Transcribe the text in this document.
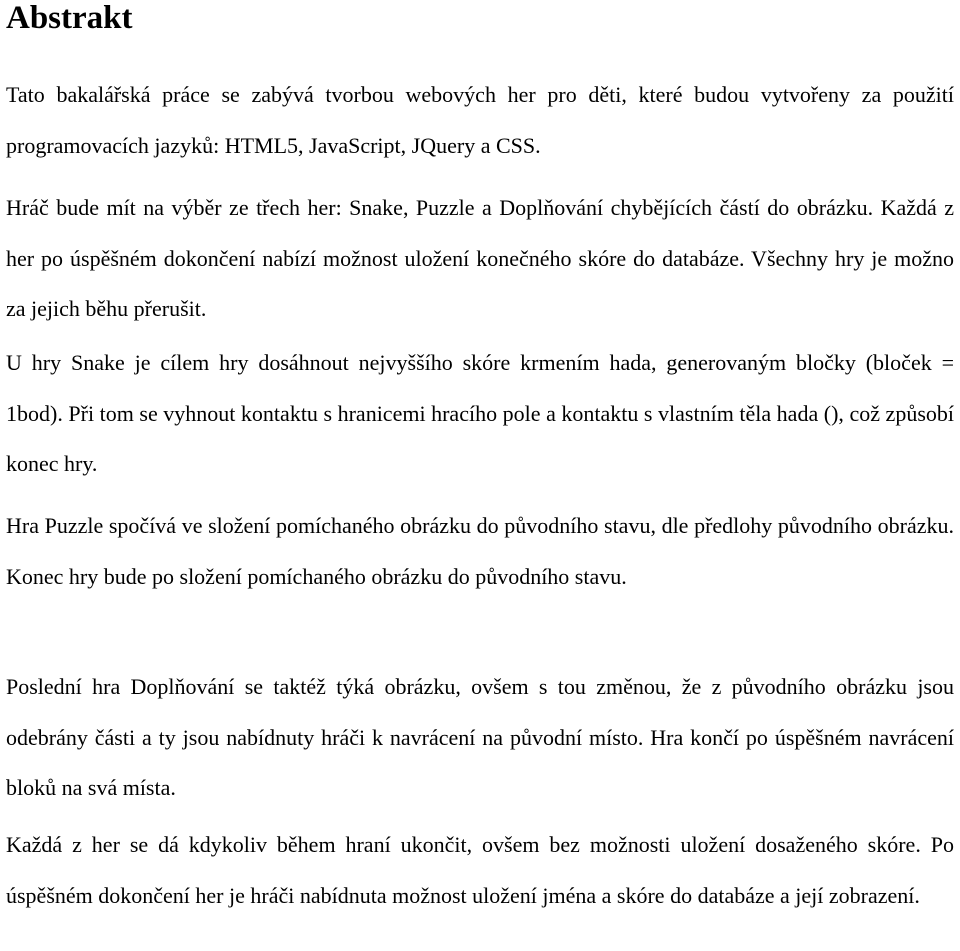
Abstrakt

Tato bakalářská práce se zabývá tvorbou webových her pro děti, které budou vytvořeny za použití programovacích jazyků: HTML5, JavaScript, JQuery a CSS.

Hráč bude mít na výběr ze třech her: Snake, Puzzle a Doplňování chybějících částí do obrázku. Každá z her po úspěšném dokončení nabízí možnost uložení konečného skóre do databáze. Všechny hry je možno za jejich běhu přerušit.

U hry Snake je cílem hry dosáhnout nejvyššího skóre krmením hada, generovaným bločky (bloček = 1bod). Při tom se vyhnout kontaktu s hranicemi hracího pole a kontaktu s vlastním těla hada (), což způsobí konec hry.

Hra Puzzle spočívá ve složení pomíchaného obrázku do původního stavu, dle předlohy původního obrázku. Konec hry bude po složení pomíchaného obrázku do původního stavu.

Poslední hra Doplňování se taktéž týká obrázku, ovšem s tou změnou, že z původního obrázku jsou odebrány části a ty jsou nabídnuty hráči k navrácení na původní místo. Hra končí po úspěšném navrácení bloků na svá místa.

Každá z her se dá kdykoliv během hraní ukončit, ovšem bez možnosti uložení dosaženého skóre. Po úspěšném dokončení her je hráči nabídnuta možnost uložení jména a skóre do databáze a její zobrazení.
